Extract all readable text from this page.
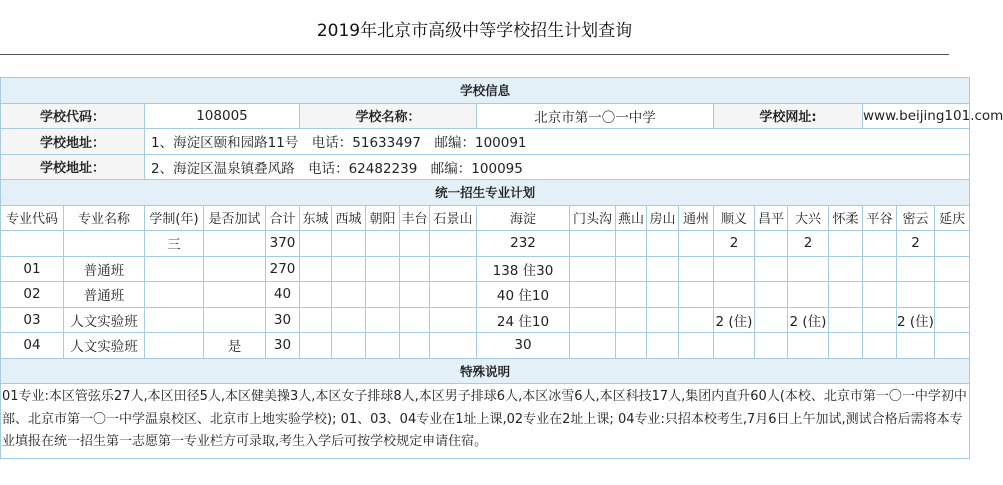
2019年北京市高级中等学校招生计划查询
学校信息																					
学校代码：		108005			学校名称：					北京市第一〇一中学					学校网址:				www.beijing101.com		
学校地址：		1、海淀区颐和园路11号　电话：51633497　邮编：100091																			
学校地址：		2、海淀区温泉镇叠风路　电话：62482239　邮编：100095																			
统一招生专业计划																					
专业代码	专业名称	学制(年)	是否加试	合计	东城	西城	朝阳	丰台	石景山	海淀	门头沟	燕山	房山	通州	顺义	昌平	大兴	怀柔	平谷	密云	延庆
		三		370						232					2		2			2	
01	普通班			270						138 住30											
02	普通班			40						40 住10											
03	人文实验班			30						24 住10					2 (住)		2 (住)			2 (住)	
04	人文实验班		是	30						30											
特殊说明																					
01专业:本区管弦乐27人,本区田径5人,本区健美操3人,本区女子排球8人,本区男子排球6人,本区冰雪6人,本区科技17人,集团内直升60人(本校、北京市第一〇一中学初中部、北京市第一〇一中学温泉校区、北京市上地实验学校); 01、03、04专业在1址上课,02专业在2址上课; 04专业:只招本校考生,7月6日上午加试,测试合格后需将本专业填报在统一招生第一志愿第一专业栏方可录取,考生入学后可按学校规定申请住宿。																					
